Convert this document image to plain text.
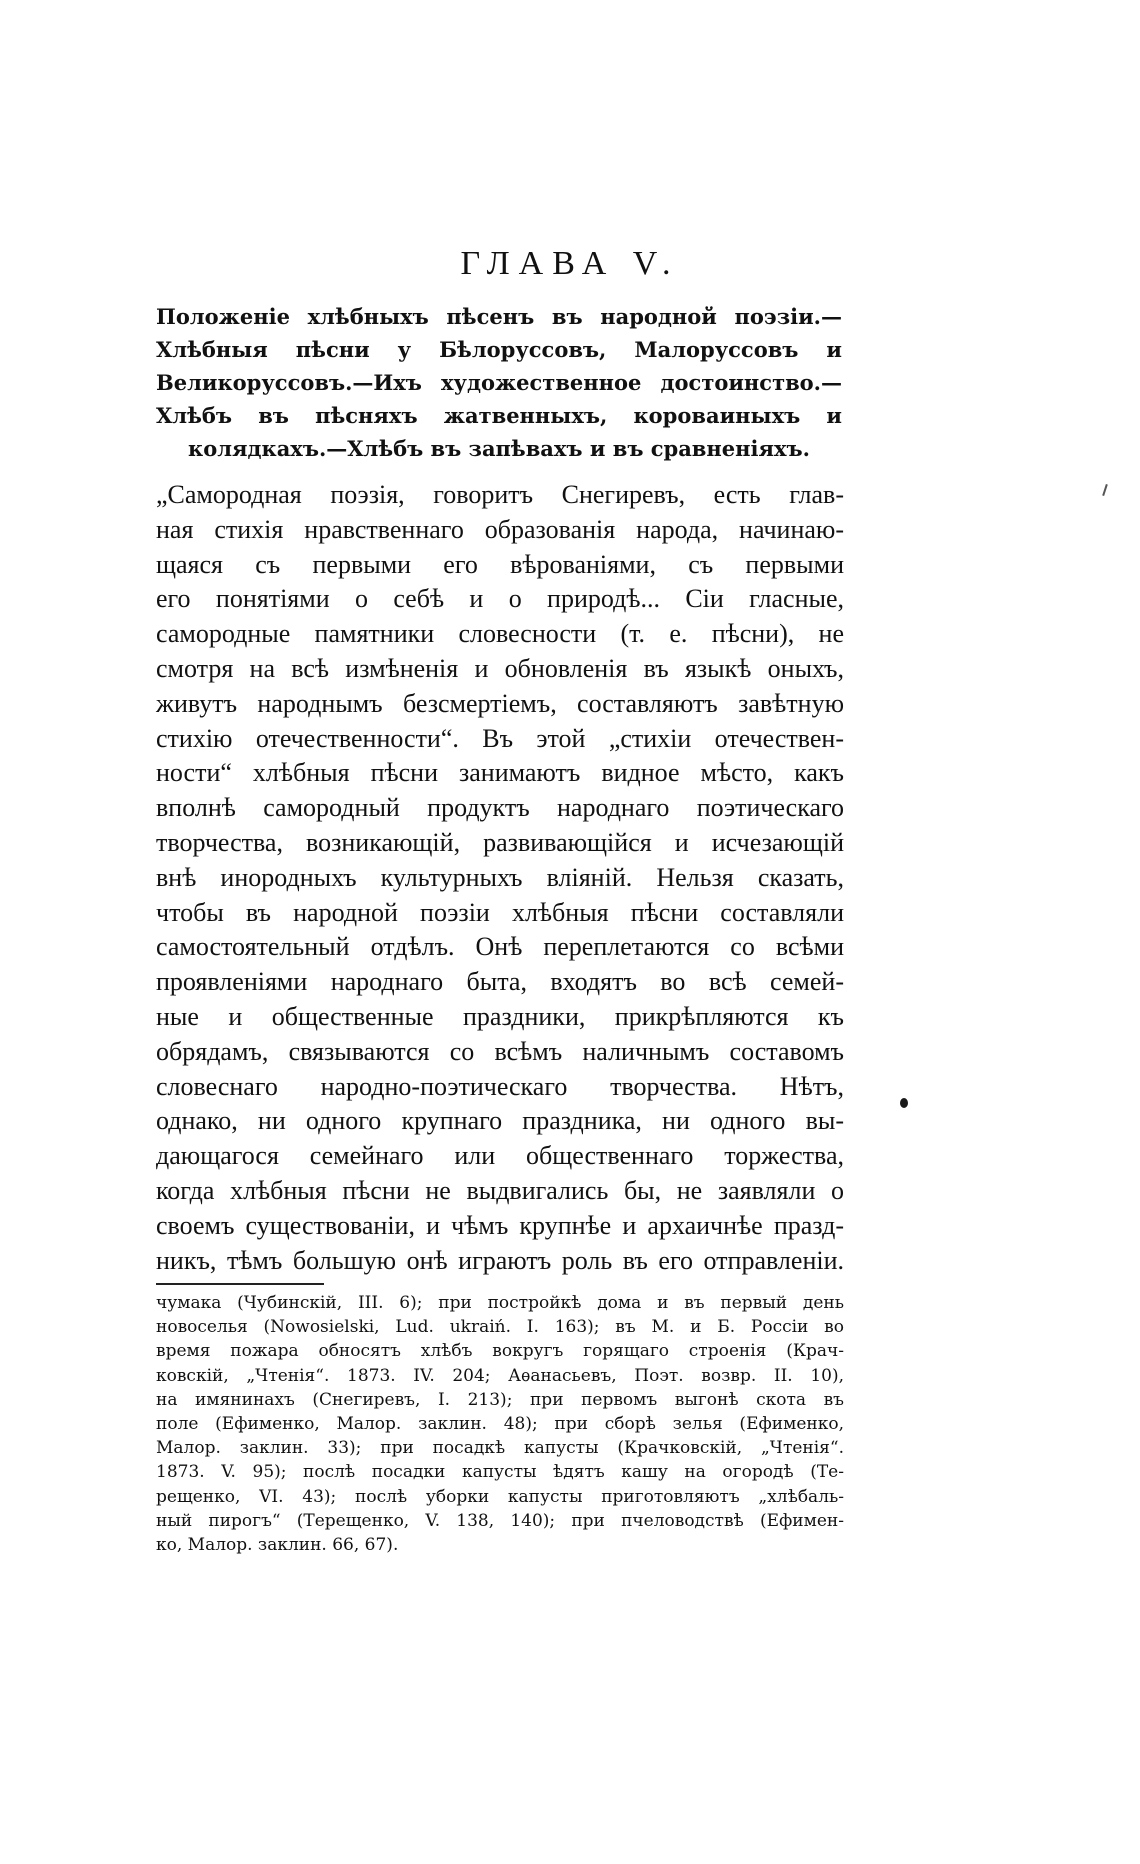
ГЛАВА V.
Положеніе хлѣбныхъ пѣсенъ въ народной поэзіи.—Хлѣбныя пѣсни у Бѣлоруссовъ, Малоруссовъ и Великоруссовъ.—Ихъ художественное достоинство.—Хлѣбъ въ пѣсняхъ жатвенныхъ, короваиныхъ и колядкахъ.—Хлѣбъ въ запѣвахъ и въ сравненіяхъ.
„Самородная поэзія, говоритъ Снегиревъ, есть глав-
ная стихія нравственнаго образованія народа, начинаю-
щаяся съ первыми его вѣрованіями, съ первыми
его понятіями о себѣ и о природѣ... Сіи гласные,
самородные памятники словесности (т. е. пѣсни), не
смотря на всѣ измѣненія и обновленія въ языкѣ оныхъ,
живутъ народнымъ безсмертіемъ, составляютъ завѣтную
стихію отечественности“. Въ этой „стихіи отечествен-
ности“ хлѣбныя пѣсни занимаютъ видное мѣсто, какъ
вполнѣ самородный продуктъ народнаго поэтическаго
творчества, возникающій, развивающійся и исчезающій
внѣ инородныхъ культурныхъ вліяній. Нельзя сказать,
чтобы въ народной поэзіи хлѣбныя пѣсни составляли
самостоятельный отдѣлъ. Онѣ переплетаются со всѣми
проявленіями народнаго быта, входятъ во всѣ семей-
ные и общественные праздники, прикрѣпляются къ
обрядамъ, связываются со всѣмъ наличнымъ составомъ
словеснаго народно-поэтическаго творчества. Нѣтъ,
однако, ни одного крупнаго праздника, ни одного вы-
дающагося семейнаго или общественнаго торжества,
когда хлѣбныя пѣсни не выдвигались бы, не заявляли о
своемъ существованіи, и чѣмъ крупнѣе и архаичнѣе празд-
никъ, тѣмъ большую онѣ играютъ роль въ его отправленіи.
чумака (Чубинскій, III. 6); при постройкѣ дома и въ первый день
новоселья (Nowosielski, Lud. ukraiń. I. 163); въ М. и Б. Россіи во
время пожара обносятъ хлѣбъ вокругъ горящаго строенія (Крач-
ковскій, „Чтенія“. 1873. IV. 204; Аѳанасьевъ, Поэт. возвр. II. 10),
на имянинахъ (Снегиревъ, I. 213); при первомъ выгонѣ скота въ
поле (Ефименко, Малор. заклин. 48); при сборѣ зелья (Ефименко,
Малор. заклин. 33); при посадкѣ капусты (Крачковскій, „Чтенія“.
1873. V. 95); послѣ посадки капусты ѣдятъ кашу на огородѣ (Те-
рещенко, VI. 43); послѣ уборки капусты приготовляютъ „хлѣбаль-
ный пирогъ“ (Терещенко, V. 138, 140); при пчеловодствѣ (Ефимен-
ко, Малор. заклин. 66, 67).
